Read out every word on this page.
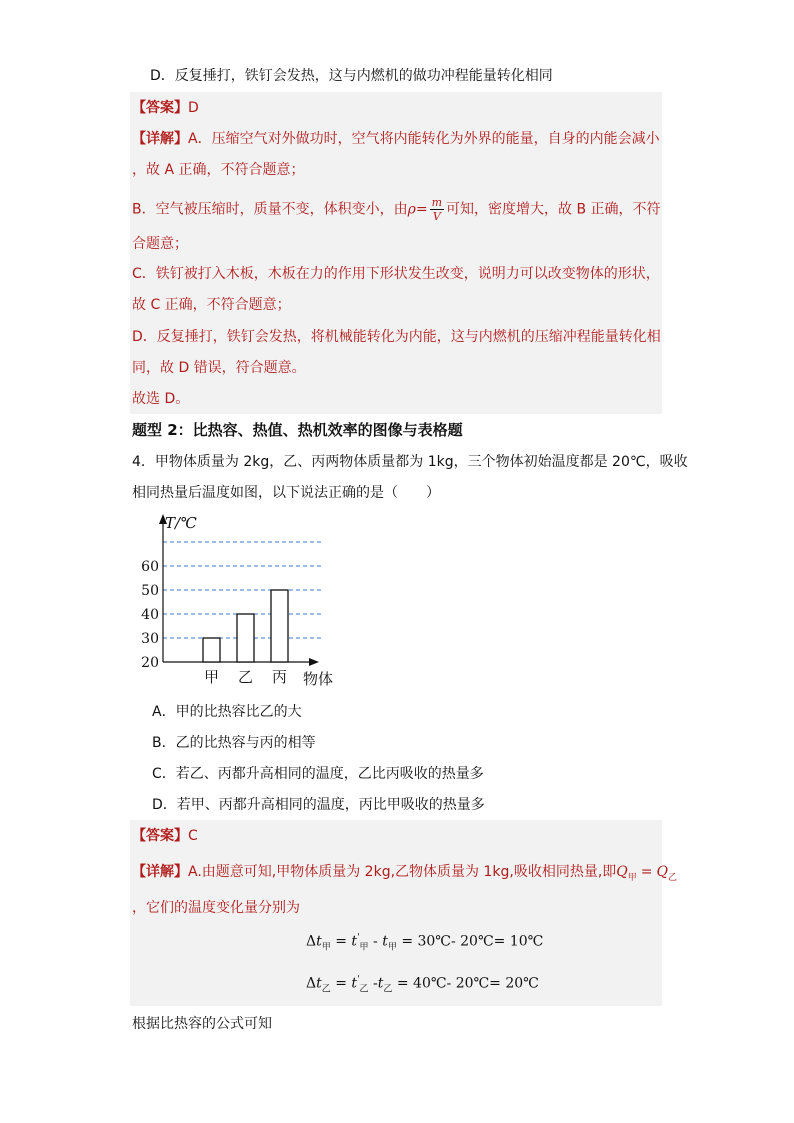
D．反复捶打，铁钉会发热，这与内燃机的做功冲程能量转化相同
【答案】D
【详解】A．压缩空气对外做功时，空气将内能转化为外界的能量，自身的内能会减小
，故 A 正确，不符合题意；
B．空气被压缩时，质量不变，体积变小，由$\rho= \frac{m}{V}$ 可知，密度增大，故 B 正确，不符
合题意；
C．铁钉被打入木板，木板在力的作用下形状发生改变，说明力可以改变物体的形状，
故 C 正确，不符合题意；
D．反复捶打，铁钉会发热，将机械能转化为内能，这与内燃机的压缩冲程能量转化相
同，故 D 错误，符合题意。
故选 D。
题型 2：比热容、热值、热机效率的图像与表格题
4．甲物体质量为 2kg，乙、丙两物体质量都为 1kg，三个物体初始温度都是 20℃，吸收
相同热量后温度如图，以下说法正确的是（　　）
T/℃
20
30
40
50
60
甲 乙 丙 物体
A．甲的比热容比乙的大
B．乙的比热容与丙的相等
C．若乙、丙都升高相同的温度，乙比丙吸收的热量多
D．若甲、丙都升高相同的温度，丙比甲吸收的热量多
【答案】C
【详解】A.由题意可知,甲物体质量为 2kg,乙物体质量为 1kg,吸收相同热量,即$Q_甲 = Q_乙$
，它们的温度变化量分别为
$\Delta t_甲 = t'_甲 - t_甲$ = 30℃- 20℃= 10℃
$\Delta t_乙 = t'_乙$ $-t_乙$ = 40℃- 20℃= 20℃
根据比热容的公式可知
